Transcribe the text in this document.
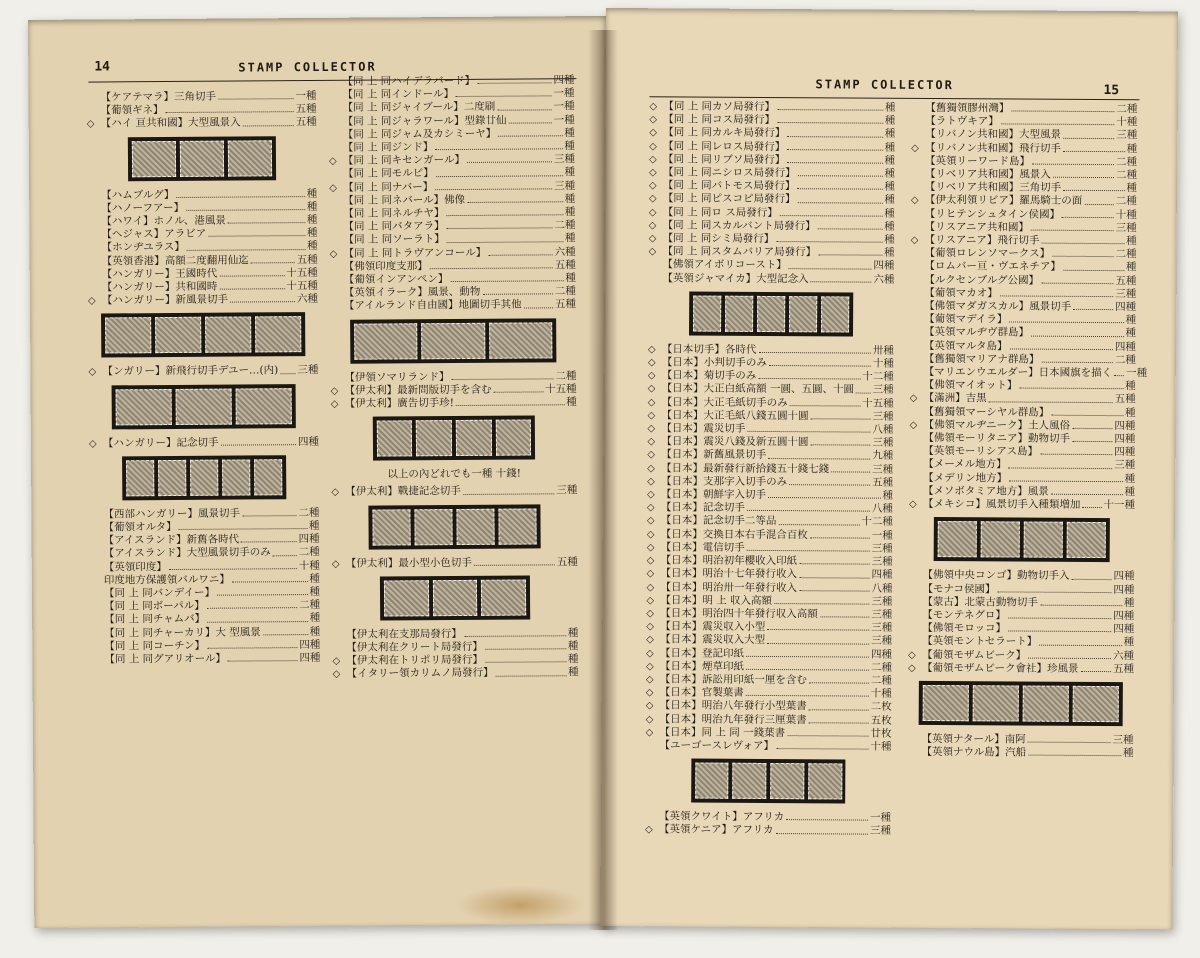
14	STAMP COLLECTOR
【ケアテマラ】三角切手	一種
【葡領ギネ】	五種
◇ 【ハイ 亘共和國】大型風景入	五種
【ハムブルグ】	種
【ハノーフアー】	種
【ハワイ】ホノル、港風景	種
【ヘジャス】アラビア	種
【ホンヂユラス】	種
【英領香港】高額二度翻用仙迄	五種
【ハンガリー】王國時代	十五種
【ハンガリー】共和國時	十五種
◇ 【ハンガリー】新風景切手	六種
◇ 【ンガリー】新飛行切手デユー…(内) 三種
◇ 【ハンガリー】記念切手	四種
【西部ハンガリー】風景切手	二種
【葡領オルタ】	種
【アイスランド】新舊各時代	四種
【アイスランド】大型風景切手のみ	二種
【英領印度】	十種
印度地方保護領バルワニ】	種
【同 上 同バンデイー】	種
【同 上 同ボーパル】	二種
【同 上 同チャムバ】	種
【同 上 同チャーカリ】大 型風景	種
【同 上 同コーチン】	四種
【同 上 同グアリオール】	四種
【同 上 同ハイデラバード】	四種
【同 上 同インドール】	一種
【同 上 同ジャイブール】二度刷	一種
【同 上 同ジャラワール】型錄廿仙	一種
【同 上 同ジャム及カシミーヤ】	種
【同 上 同ジンド】	種
◇ 【同 上 同キセンガール】	三種
【同 上 同モルビ】	種
◇ 【同 上 同ナバー】	三種
【同 上 同ネバール】佛像	種
【同 上 同ネルチヤ】	種
【同 上 同バタアラ】	二種
【同 上 同ソーラト】	種
◇ 【同 上 同トラヴアンコール】	六種
【佛領印度支那】	五種
【葡領インアンペン】	種
【英領イラーク】風景、動物	二種
【アイルランド自由國】地圖切手其他	五種
【伊領ソマリランド】	二種
◇ 【伊太利】最新問版切手を含む	十五種
◇ 【伊太利】廣告切手珍!	種
以上の內どれでも一種 十錢!
◇ 【伊太利】戰捷記念切手	三種
◇ 【伊太利】最小型小色切手	五種
【伊太利在支那局發行】	種
【伊太利在クリート局發行】	種
◇ 【伊太利在トリポリ局發行】	種
◇ 【イタリー領カリムノ局發行】	種
STAMP COLLECTOR	15
◇ 【同 上 同カソ局發行】	種
◇ 【同 上 同コス局發行】	種
◇ 【同 上 同カルキ局發行】	種
◇ 【同 上 同レロス局發行】	種
◇ 【同 上 同リブソ局發行】	種
◇ 【同 上 同ニシロス局發行】	種
◇ 【同 上 同バトモス局發行】	種
◇ 【同 上 同ピスコピ局發行】	種
◇ 【同 上 同ロ ス局發行】	種
◇ 【同 上 同スカルバント局發行】	種
◇ 【同 上 同シミ局發行】	種
◇ 【同 上 同スタムバリア局發行】	種
【佛領アイボリコースト】	四種
【英領ジャマイカ】大型記念入	六種
◇ 【日本切手】各時代	卅種
◇ 【日本】小判切手のみ	十種
◇ 【日本】菊切手のみ	十二種
◇ 【日本】大正白紙高額 一圓、五圓、十圓 三種
◇ 【日本】大正毛紙切手のみ	十五種
◇ 【日本】大正毛紙八錢五圓十圓	三種
◇ 【日本】震災切手	八種
◇ 【日本】震災八錢及新五圓十圓	三種
◇ 【日本】新舊風景切手	九種
◇ 【日本】最新發行新拾錢五十錢七錢	三種
◇ 【日本】支那字入切手のみ	五種
◇ 【日本】朝鮮字入切手	種
◇ 【日本】記念切手	八種
◇ 【日本】記念切手二等品	十二種
◇ 【日本】交換日本右手混合百枚	一種
◇ 【日本】電信切手	三種
◇ 【日本】明治初年櫻收入印紙	三種
◇ 【日本】明治十七年發行收入	四種
◇ 【日本】明治卅一年發行收入	八種
◇ 【日本】明 上 収入高額	三種
◇ 【日本】明治四十年發行収入高額	三種
◇ 【日本】震災収入小型	三種
◇ 【日本】震災収入大型	三種
◇ 【日本】登記印紙	四種
◇ 【日本】煙草印紙	二種
◇ 【日本】訴訟用印紙一厘を含む	二種
◇ 【日本】官製葉書	十種
◇ 【日本】明治八年發行小型葉書	二枚
◇ 【日本】明治九年發行三厘葉書	五枚
◇ 【日本】同 上 同 一錢葉書	廿枚
【ユーゴースレヴォア】	十種
【英領クワイト】アフリカ	一種
◇ 【英領ケニア】アフリカ	三種
【舊獨領膠州灣】	二種
【ラトヴキア】	十種
【リバノン共和國】大型風景	三種
◇ 【リバノン共和國】飛行切手	種
【英領リーワード島】	二種
【リベリア共和國】風景入	二種
【リベリア共和國】三角切手	種
◇ 【伊太利領リビア】羅馬騎士の面	二種
【リヒテンシュタイン侯國】	十種
【リスアニア共和國】	三種
◇ 【リスアニア】飛行切手	種
【葡領ロレンソマークス】	二種
【ロムバー亘・ヴエネチア】	種
【ルクセンブルグ公國】	五種
【葡領マカオ】	三種
【佛領マダガスカル】風景切手	四種
【葡領マデイラ】	種
【英領マルヂヴ群島】	種
【英領マルタ島】	四種
【舊獨領マリアナ群島】	二種
【マリエンウエルダー】日本國旗を描く 一種
【佛領マイオット】	種
◇ 【滿洲】吉黒	五種
【舊獨領マーシヤル群島】	種
◇ 【佛領マルヂニーク】土人風俗	四種
【佛領モーリタニア】動物切手	四種
【英領モーリシアス島】	四種
【メーメル地方】	三種
【メデリン地方】	種
【メソボタミア地方】風景	種
◇ 【メキシコ】風景切手入種類増加 十一種
【佛領中央コンゴ】動物切手入	四種
【モナコ侯國】	四種
【蒙古】北蒙古動物切手	種
【モンテネグロ】	四種
【佛領モロッコ】	四種
【英領モントセラート】	種
◇ 【葡領モザムビーク】	六種
◇ 【葡領モザムビーク會社】珍風景	五種
【英領ナタール】南阿	三種
【英領ナウル島】汽船	種
